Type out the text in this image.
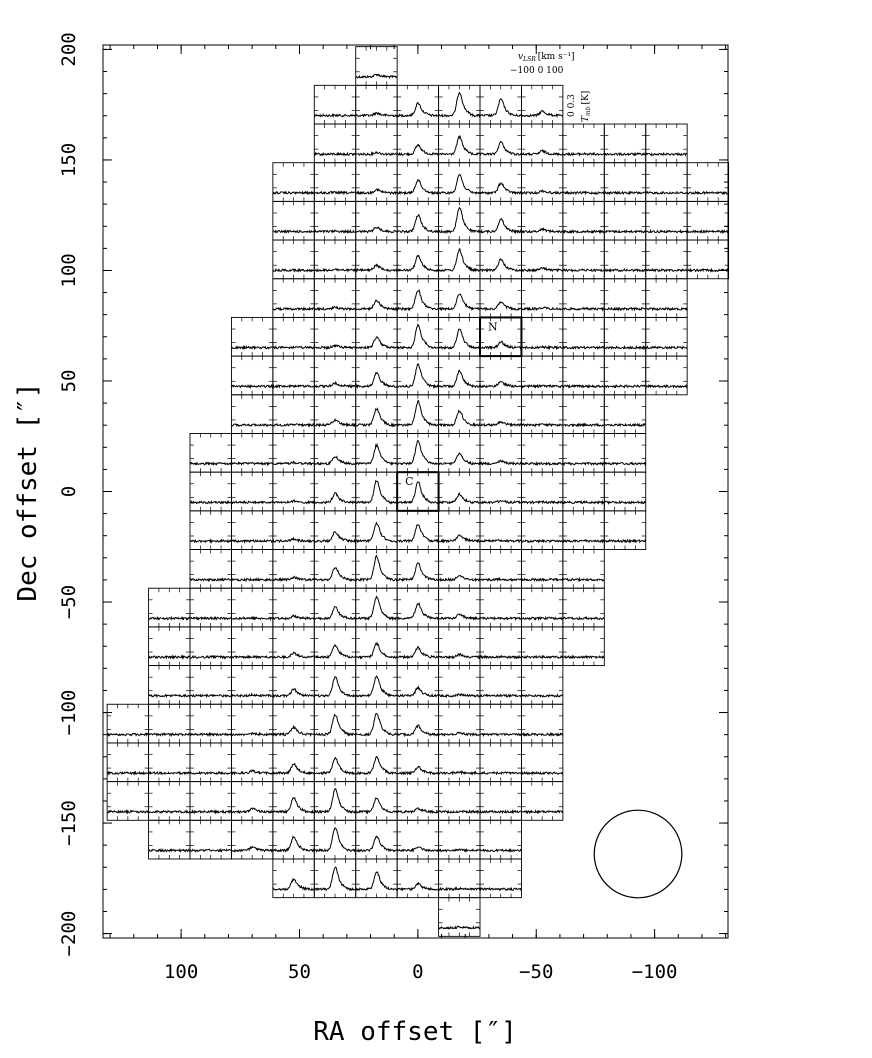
100	50	0	−50	−100
200
150
100
50
0
−50
−100
−150
−200
$v_{LSR}$ [km s⁻¹]
−100 0 100
0 0.3
$T_{mb}[K]$
N
C
RA offset [″]
Dec offset [″]
